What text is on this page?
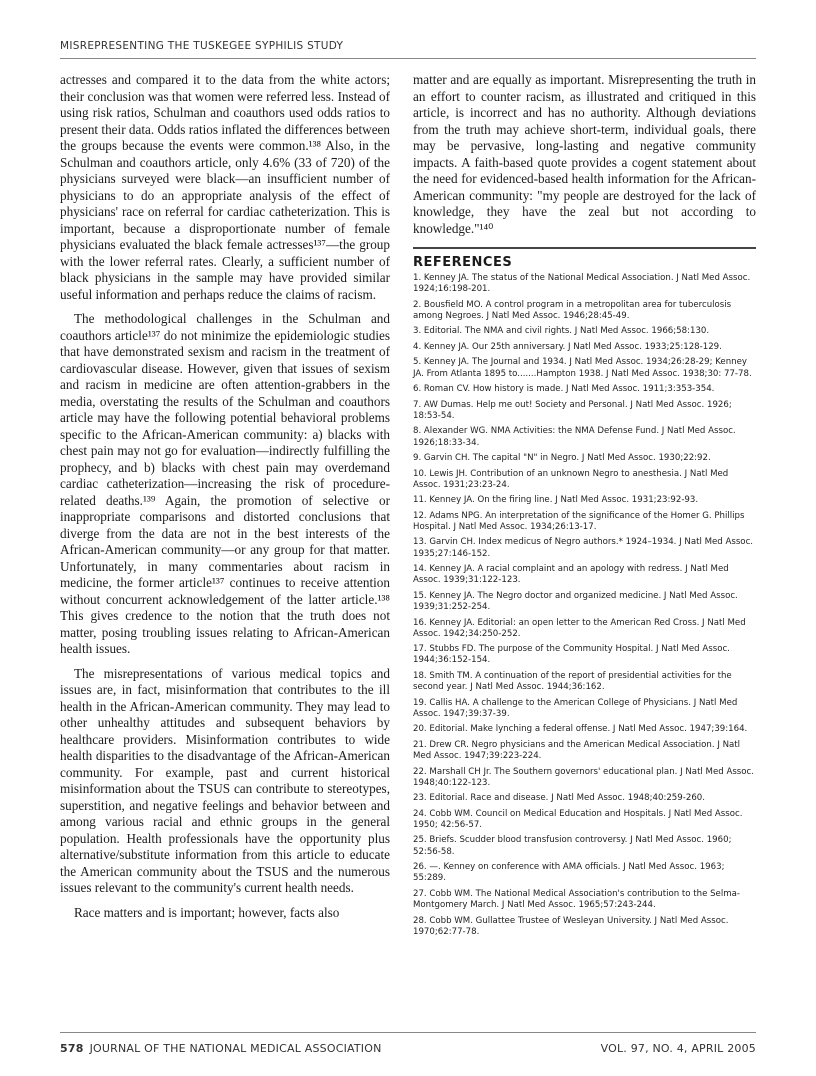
MISREPRESENTING THE TUSKEGEE SYPHILIS STUDY

actresses and compared it to the data from the white actors; their conclusion was that women were referred less. Instead of using risk ratios, Schulman and coauthors used odds ratios to present their data. Odds ratios inflated the differences between the groups because the events were common.¹³⁸ Also, in the Schulman and coauthors article, only 4.6% (33 of 720) of the physicians surveyed were black—an insufficient number of physicians to do an appropriate analysis of the effect of physicians' race on referral for cardiac catheterization. This is important, because a disproportionate number of female physicians evaluated the black female actresses¹³⁷—the group with the lower referral rates. Clearly, a sufficient number of black physicians in the sample may have provided similar useful information and perhaps reduce the claims of racism.

The methodological challenges in the Schulman and coauthors article¹³⁷ do not minimize the epidemiologic studies that have demonstrated sexism and racism in the treatment of cardiovascular disease. However, given that issues of sexism and racism in medicine are often attention-grabbers in the media, overstating the results of the Schulman and coauthors article may have the following potential behavioral problems specific to the African-American community: a) blacks with chest pain may not go for evaluation—indirectly fulfilling the prophecy, and b) blacks with chest pain may overdemand cardiac catheterization—increasing the risk of procedure-related deaths.¹³⁹ Again, the promotion of selective or inappropriate comparisons and distorted conclusions that diverge from the data are not in the best interests of the African-American community—or any group for that matter. Unfortunately, in many commentaries about racism in medicine, the former article¹³⁷ continues to receive attention without concurrent acknowledgement of the latter article.¹³⁸ This gives credence to the notion that the truth does not matter, posing troubling issues relating to African-American health issues.

The misrepresentations of various medical topics and issues are, in fact, misinformation that contributes to the ill health in the African-American community. They may lead to other unhealthy attitudes and subsequent behaviors by healthcare providers. Misinformation contributes to wide health disparities to the disadvantage of the African-American community. For example, past and current historical misinformation about the TSUS can contribute to stereotypes, superstition, and negative feelings and behavior between and among various racial and ethnic groups in the general population. Health professionals have the opportunity plus alternative/substitute information from this article to educate the American community about the TSUS and the numerous issues relevant to the community's current health needs.

Race matters and is important; however, facts also

matter and are equally as important. Misrepresenting the truth in an effort to counter racism, as illustrated and critiqued in this article, is incorrect and has no authority. Although deviations from the truth may achieve short-term, individual goals, there may be pervasive, long-lasting and negative community impacts. A faith-based quote provides a cogent statement about the need for evidenced-based health information for the African-American community: "my people are destroyed for the lack of knowledge, they have the zeal but not according to knowledge."¹⁴⁰

REFERENCES
1. Kenney JA. The status of the National Medical Association. J Natl Med Assoc. 1924;16:198-201.
2. Bousfield MO. A control program in a metropolitan area for tuberculosis among Negroes. J Natl Med Assoc. 1946;28:45-49.
3. Editorial. The NMA and civil rights. J Natl Med Assoc. 1966;58:130.
4. Kenney JA. Our 25th anniversary. J Natl Med Assoc. 1933;25:128-129.
5. Kenney JA. The Journal and 1934. J Natl Med Assoc. 1934;26:28-29; Kenney JA. From Atlanta 1895 to.......Hampton 1938. J Natl Med Assoc. 1938;30: 77-78.
6. Roman CV. How history is made. J Natl Med Assoc. 1911;3:353-354.
7. AW Dumas. Help me out! Society and Personal. J Natl Med Assoc. 1926; 18:53-54.
8. Alexander WG. NMA Activities: the NMA Defense Fund. J Natl Med Assoc. 1926;18:33-34.
9. Garvin CH. The capital "N" in Negro. J Natl Med Assoc. 1930;22:92.
10. Lewis JH. Contribution of an unknown Negro to anesthesia. J Natl Med Assoc. 1931;23:23-24.
11. Kenney JA. On the firing line. J Natl Med Assoc. 1931;23:92-93.
12. Adams NPG. An interpretation of the significance of the Homer G. Phillips Hospital. J Natl Med Assoc. 1934;26:13-17.
13. Garvin CH. Index medicus of Negro authors.* 1924–1934. J Natl Med Assoc. 1935;27:146-152.
14. Kenney JA. A racial complaint and an apology with redress. J Natl Med Assoc. 1939;31:122-123.
15. Kenney JA. The Negro doctor and organized medicine. J Natl Med Assoc. 1939;31:252-254.
16. Kenney JA. Editorial: an open letter to the American Red Cross. J Natl Med Assoc. 1942;34:250-252.
17. Stubbs FD. The purpose of the Community Hospital. J Natl Med Assoc. 1944;36:152-154.
18. Smith TM. A continuation of the report of presidential activities for the second year. J Natl Med Assoc. 1944;36:162.
19. Callis HA. A challenge to the American College of Physicians. J Natl Med Assoc. 1947;39:37-39.
20. Editorial. Make lynching a federal offense. J Natl Med Assoc. 1947;39:164.
21. Drew CR. Negro physicians and the American Medical Association. J Natl Med Assoc. 1947;39:223-224.
22. Marshall CH Jr. The Southern governors' educational plan. J Natl Med Assoc. 1948;40:122-123.
23. Editorial. Race and disease. J Natl Med Assoc. 1948;40:259-260.
24. Cobb WM. Council on Medical Education and Hospitals. J Natl Med Assoc. 1950; 42:56-57.
25. Briefs. Scudder blood transfusion controversy. J Natl Med Assoc. 1960; 52:56-58.
26. —. Kenney on conference with AMA officials. J Natl Med Assoc. 1963; 55:289.
27. Cobb WM. The National Medical Association's contribution to the Selma-Montgomery March. J Natl Med Assoc. 1965;57:243-244.
28. Cobb WM. Gullattee Trustee of Wesleyan University. J Natl Med Assoc. 1970;62:77-78.
578 JOURNAL OF THE NATIONAL MEDICAL ASSOCIATION	VOL. 97, NO. 4, APRIL 2005
